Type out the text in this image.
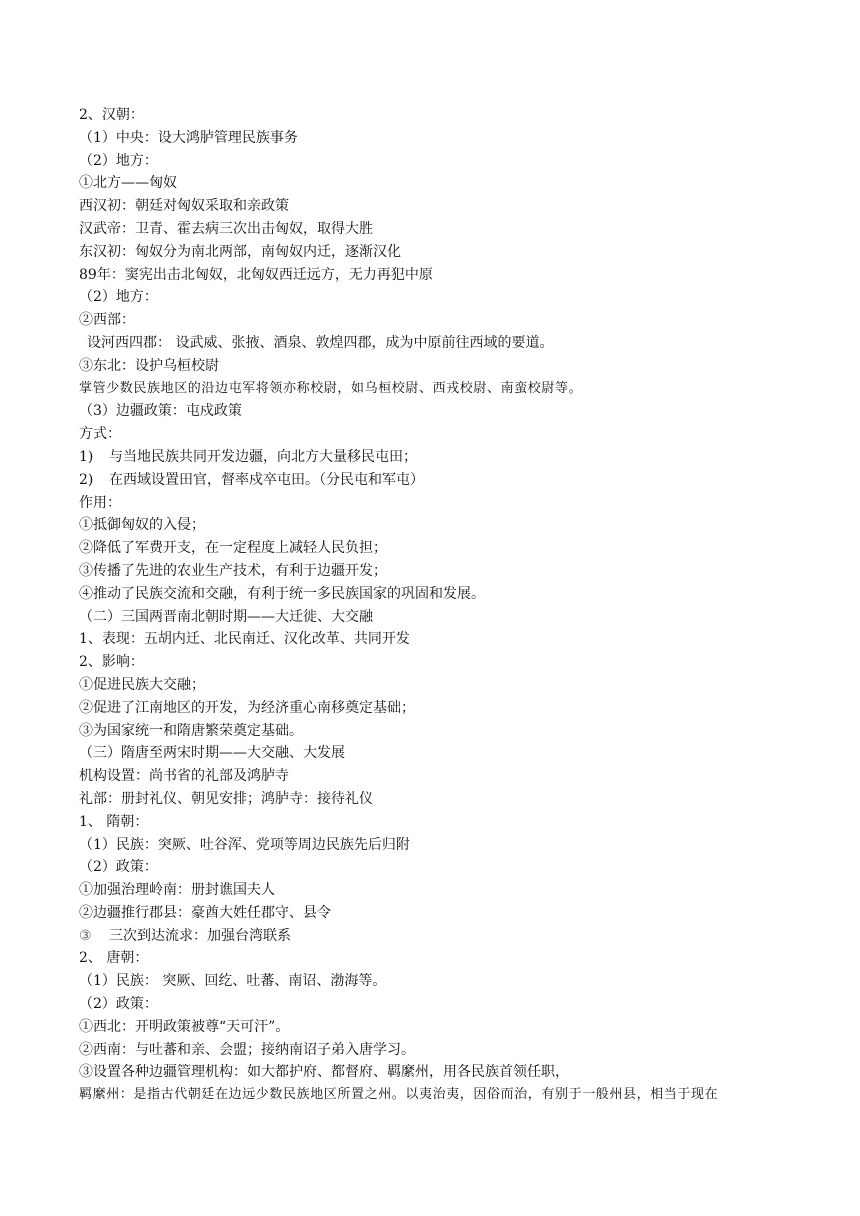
2、汉朝：
（1）中央：设大鸿胪管理民族事务
（2）地方：
①北方——匈奴
西汉初：朝廷对匈奴采取和亲政策
汉武帝：卫青、霍去病三次出击匈奴，取得大胜
东汉初：匈奴分为南北两部，南匈奴内迁，逐渐汉化
89年：窦宪出击北匈奴，北匈奴西迁远方，无力再犯中原
（2）地方：
②西部：
设河西四郡： 设武威、张掖、酒泉、敦煌四郡，成为中原前往西域的要道。
③东北：设护乌桓校尉
掌管少数民族地区的沿边屯军将领亦称校尉，如乌桓校尉、西戎校尉、南蛮校尉等。
（3）边疆政策：屯戍政策
方式：
1) 与当地民族共同开发边疆，向北方大量移民屯田；
2) 在西域设置田官，督率戍卒屯田。（分民屯和军屯）
作用：
①抵御匈奴的入侵；
②降低了军费开支，在一定程度上减轻人民负担；
③传播了先进的农业生产技术，有利于边疆开发；
④推动了民族交流和交融，有利于统一多民族国家的巩固和发展。
（二）三国两晋南北朝时期——大迁徙、大交融
1、表现：五胡内迁、北民南迁、汉化改革、共同开发
2、影响：
①促进民族大交融；
②促进了江南地区的开发，为经济重心南移奠定基础；
③为国家统一和隋唐繁荣奠定基础。
（三）隋唐至两宋时期——大交融、大发展
机构设置：尚书省的礼部及鸿胪寺
礼部：册封礼仪、朝见安排；鸿胪寺：接待礼仪
1、 隋朝：
（1）民族：突厥、吐谷浑、党项等周边民族先后归附
（2）政策：
①加强治理岭南：册封谯国夫人
②边疆推行郡县：豪酋大姓任郡守、县令
③ 三次到达流求：加强台湾联系
2、 唐朝：
（1）民族： 突厥、回纥、吐蕃、南诏、渤海等。
（2）政策：
①西北：开明政策被尊“天可汗”。
②西南：与吐蕃和亲、会盟；接纳南诏子弟入唐学习。
③设置各种边疆管理机构：如大都护府、都督府、羁縻州，用各民族首领任职，
羁縻州：是指古代朝廷在边远少数民族地区所置之州。以夷治夷，因俗而治，有别于一般州县，相当于现在
